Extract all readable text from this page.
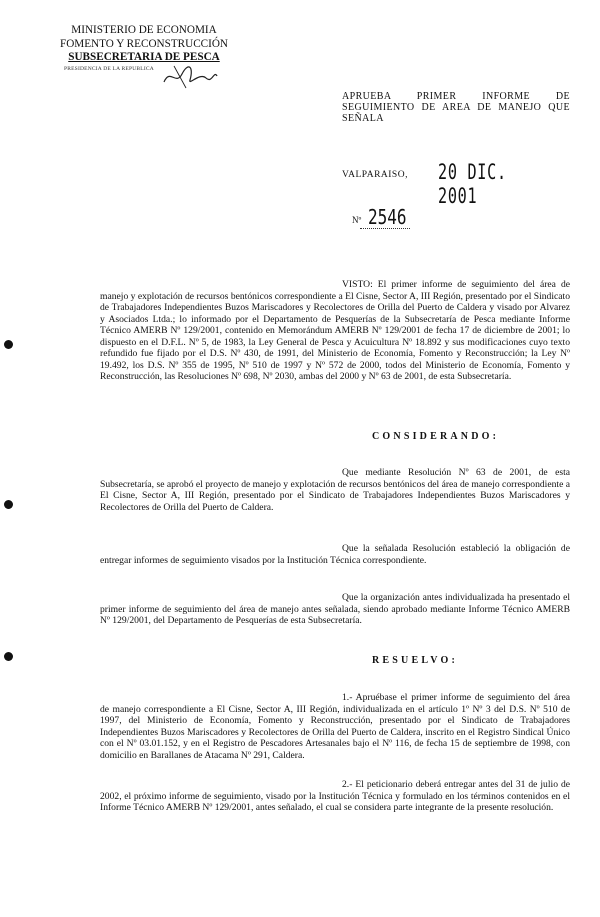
MINISTERIO DE ECONOMIA
FOMENTO Y RECONSTRUCCIÓN
SUBSECRETARIA DE PESCA
PRESIDENCIA DE LA REPUBLICA
APRUEBA PRIMER INFORME DE SEGUIMIENTO DE AREA DE MANEJO QUE SEÑALA
VALPARAISO, 20 DIC. 2001
Nº 2546
VISTO: El primer informe de seguimiento del área de manejo y explotación de recursos bentónicos correspondiente a El Cisne, Sector A, III Región, presentado por el Sindicato de Trabajadores Independientes Buzos Mariscadores y Recolectores de Orilla del Puerto de Caldera y visado por Alvarez y Asociados Ltda.; lo informado por el Departamento de Pesquerías de la Subsecretaría de Pesca mediante Informe Técnico AMERB Nº 129/2001, contenido en Memorándum AMERB Nº 129/2001 de fecha 17 de diciembre de 2001; lo dispuesto en el D.F.L. Nº 5, de 1983, la Ley General de Pesca y Acuicultura Nº 18.892 y sus modificaciones cuyo texto refundido fue fijado por el D.S. Nº 430, de 1991, del Ministerio de Economía, Fomento y Reconstrucción; la Ley Nº 19.492, los D.S. Nº 355 de 1995, Nº 510 de 1997 y Nº 572 de 2000, todos del Ministerio de Economía, Fomento y Reconstrucción, las Resoluciones Nº 698, Nº 2030, ambas del 2000 y Nº 63 de 2001, de esta Subsecretaría.
CONSIDERANDO:
Que mediante Resolución Nº 63 de 2001, de esta Subsecretaría, se aprobó el proyecto de manejo y explotación de recursos bentónicos del área de manejo correspondiente a El Cisne, Sector A, III Región, presentado por el Sindicato de Trabajadores Independientes Buzos Mariscadores y Recolectores de Orilla del Puerto de Caldera.
Que la señalada Resolución estableció la obligación de entregar informes de seguimiento visados por la Institución Técnica correspondiente.
Que la organización antes individualizada ha presentado el primer informe de seguimiento del área de manejo antes señalada, siendo aprobado mediante Informe Técnico AMERB Nº 129/2001, del Departamento de Pesquerías de esta Subsecretaría.
RESUELVO:
1.- Apruébase el primer informe de seguimiento del área de manejo correspondiente a El Cisne, Sector A, III Región, individualizada en el artículo 1º Nº 3 del D.S. Nº 510 de 1997, del Ministerio de Economía, Fomento y Reconstrucción, presentado por el Sindicato de Trabajadores Independientes Buzos Mariscadores y Recolectores de Orilla del Puerto de Caldera, inscrito en el Registro Sindical Único con el Nº 03.01.152, y en el Registro de Pescadores Artesanales bajo el Nº 116, de fecha 15 de septiembre de 1998, con domicilio en Barallanes de Atacama Nº 291, Caldera.
2.- El peticionario deberá entregar antes del 31 de julio de 2002, el próximo informe de seguimiento, visado por la Institución Técnica y formulado en los términos contenidos en el Informe Técnico AMERB Nº 129/2001, antes señalado, el cual se considera parte integrante de la presente resolución.
